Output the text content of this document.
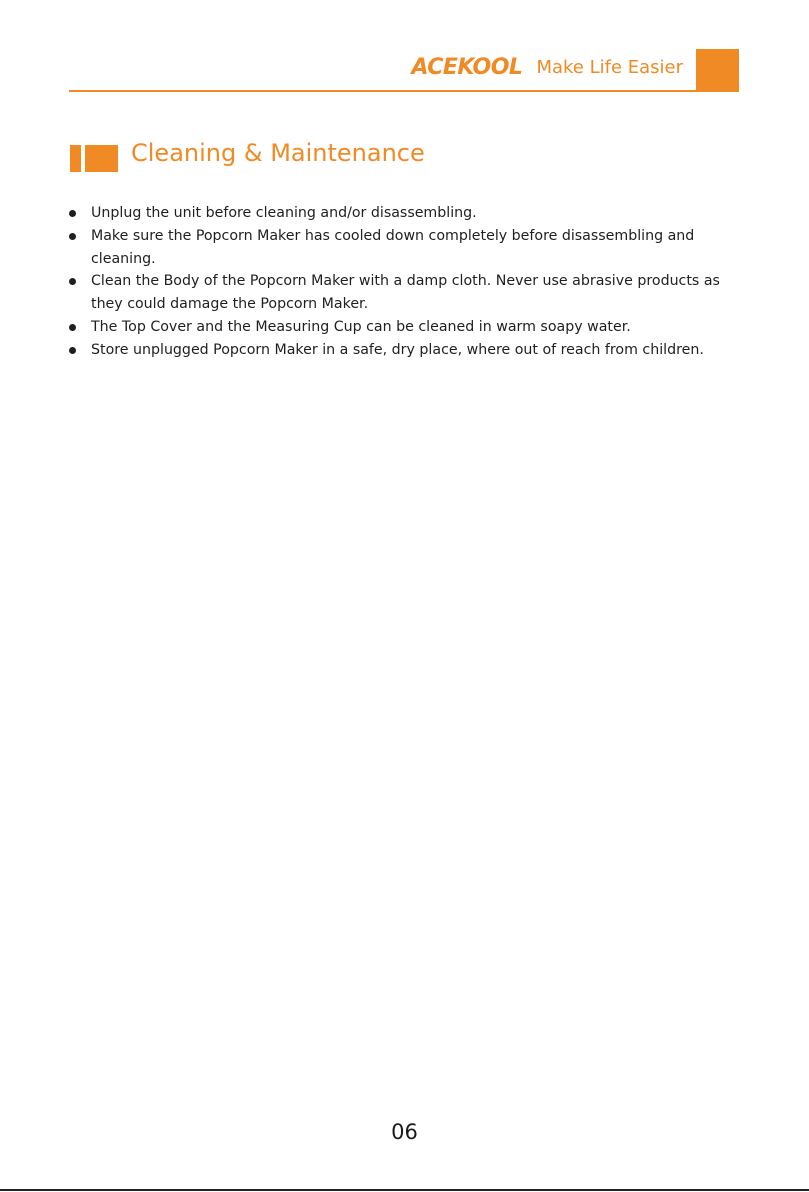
ACEKOOL Make Life Easier
Cleaning & Maintenance
Unplug the unit before cleaning and/or disassembling.
Make sure the Popcorn Maker has cooled down completely before disassembling and cleaning.
Clean the Body of the Popcorn Maker with a damp cloth. Never use abrasive products as they could damage the Popcorn Maker.
The Top Cover and the Measuring Cup can be cleaned in warm soapy water.
Store unplugged Popcorn Maker in a safe, dry place, where out of reach from children.
06
